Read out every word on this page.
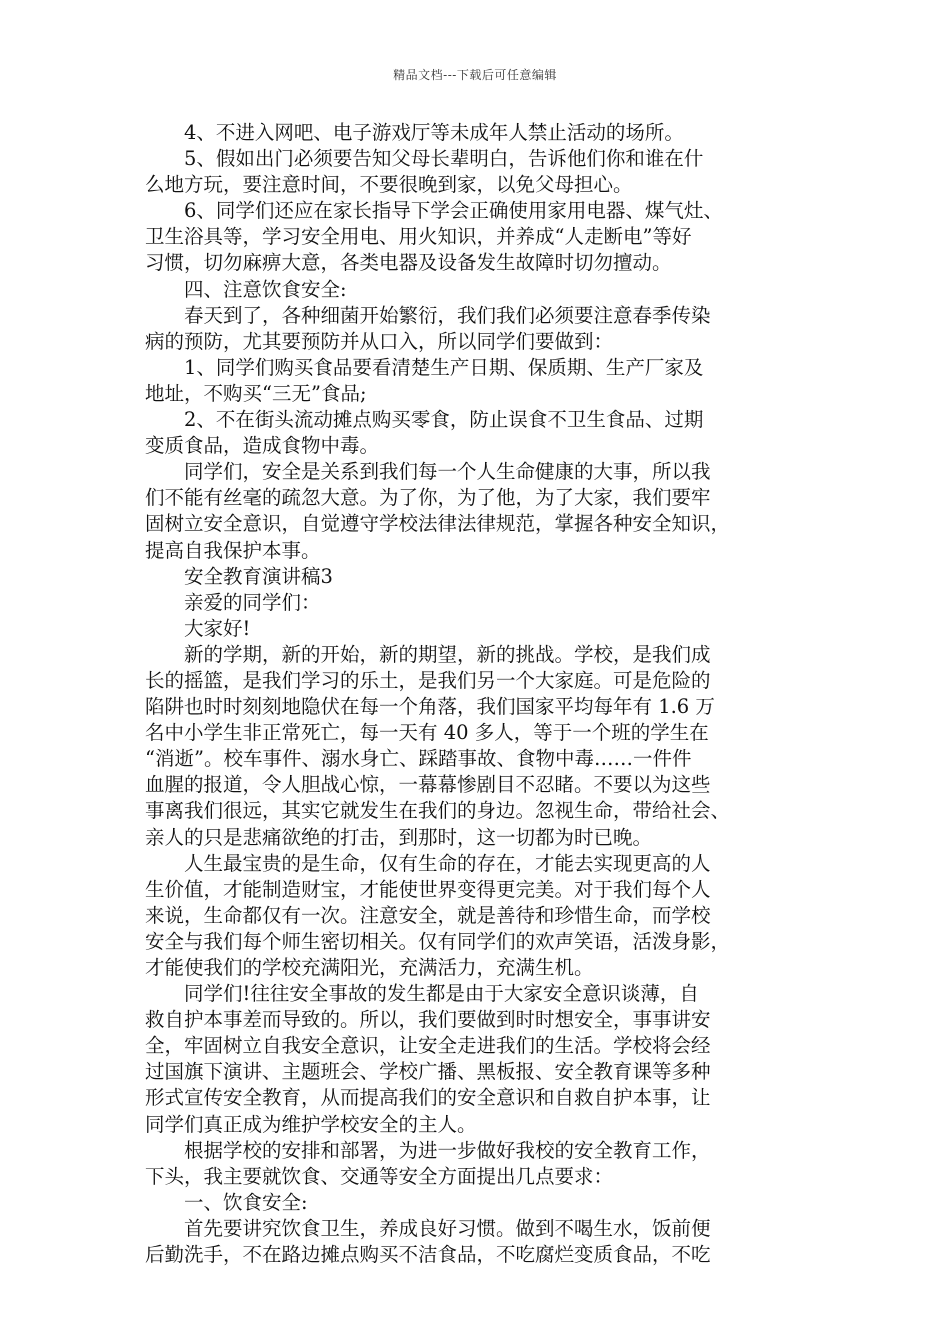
精品文档---下载后可任意编辑
4、不进入网吧、电子游戏厅等未成年人禁止活动的场所。
5、假如出门必须要告知父母长辈明白，告诉他们你和谁在什
么地方玩，要注意时间，不要很晚到家，以免父母担心。
6、同学们还应在家长指导下学会正确使用家用电器、煤气灶、
卫生浴具等，学习安全用电、用火知识，并养成“人走断电”等好
习惯，切勿麻痹大意，各类电器及设备发生故障时切勿擅动。
四、注意饮食安全:
春天到了，各种细菌开始繁衍，我们我们必须要注意春季传染
病的预防，尤其要预防并从口入，所以同学们要做到：
1、同学们购买食品要看清楚生产日期、保质期、生产厂家及
地址，不购买“三无”食品;
2、不在街头流动摊点购买零食，防止误食不卫生食品、过期
变质食品，造成食物中毒。
同学们，安全是关系到我们每一个人生命健康的大事，所以我
们不能有丝毫的疏忽大意。为了你，为了他，为了大家，我们要牢
固树立安全意识，自觉遵守学校法律法律规范，掌握各种安全知识，
提高自我保护本事。
安全教育演讲稿3
亲爱的同学们：
大家好!
新的学期，新的开始，新的期望，新的挑战。学校，是我们成
长的摇篮，是我们学习的乐土，是我们另一个大家庭。可是危险的
陷阱也时时刻刻地隐伏在每一个角落，我们国家平均每年有 1.6 万
名中小学生非正常死亡，每一天有 40 多人，等于一个班的学生在
“消逝”。校车事件、溺水身亡、踩踏事故、食物中毒……一件件
血腥的报道，令人胆战心惊，一幕幕惨剧目不忍睹。不要以为这些
事离我们很远，其实它就发生在我们的身边。忽视生命，带给社会、
亲人的只是悲痛欲绝的打击，到那时，这一切都为时已晚。
人生最宝贵的是生命，仅有生命的存在，才能去实现更高的人
生价值，才能制造财宝，才能使世界变得更完美。对于我们每个人
来说，生命都仅有一次。注意安全，就是善待和珍惜生命，而学校
安全与我们每个师生密切相关。仅有同学们的欢声笑语，活泼身影，
才能使我们的学校充满阳光，充满活力，充满生机。
同学们!往往安全事故的发生都是由于大家安全意识谈薄，自
救自护本事差而导致的。所以，我们要做到时时想安全，事事讲安
全，牢固树立自我安全意识，让安全走进我们的生活。学校将会经
过国旗下演讲、主题班会、学校广播、黑板报、安全教育课等多种
形式宣传安全教育，从而提高我们的安全意识和自救自护本事，让
同学们真正成为维护学校安全的主人。
根据学校的安排和部署，为进一步做好我校的安全教育工作，
下头，我主要就饮食、交通等安全方面提出几点要求：
一、饮食安全:
首先要讲究饮食卫生，养成良好习惯。做到不喝生水，饭前便
后勤洗手，不在路边摊点购买不洁食品，不吃腐烂变质食品，不吃
